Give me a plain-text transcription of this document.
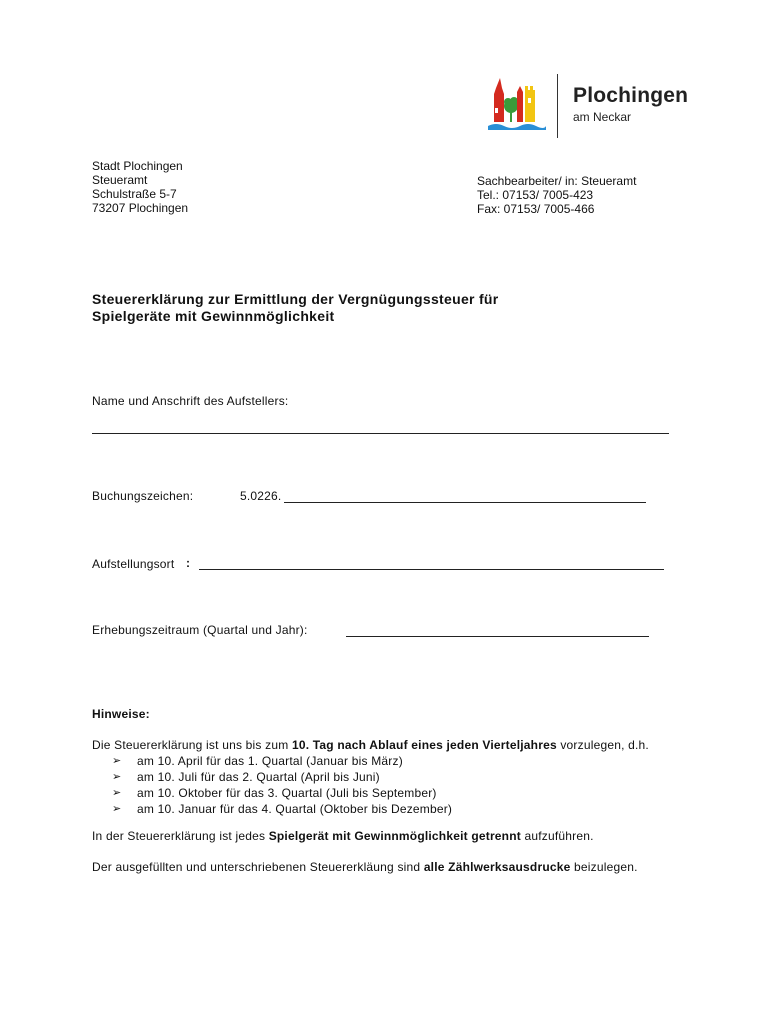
Plochingen
am Neckar
Stadt Plochingen
Steueramt
Schulstraße 5-7
73207 Plochingen
Sachbearbeiter/ in: Steueramt
Tel.: 07153/ 7005-423
Fax: 07153/ 7005-466
Steuererklärung zur Ermittlung der Vergnügungssteuer für
Spielgeräte mit Gewinnmöglichkeit
Name und Anschrift des Aufstellers:
Buchungszeichen:	5.0226.
Aufstellungsort :
Erhebungszeitraum (Quartal und Jahr):
Hinweise:
Die Steuererklärung ist uns bis zum 10. Tag nach Ablauf eines jeden Vierteljahres vorzulegen, d.h.
➢	am 10. April für das 1. Quartal (Januar bis März)
➢	am 10. Juli für das 2. Quartal (April bis Juni)
➢	am 10. Oktober für das 3. Quartal (Juli bis September)
➢	am 10. Januar für das 4. Quartal (Oktober bis Dezember)
In der Steuererklärung ist jedes Spielgerät mit Gewinnmöglichkeit getrennt aufzuführen.
Der ausgefüllten und unterschriebenen Steuererkläung sind alle Zählwerksausdrucke beizulegen.
